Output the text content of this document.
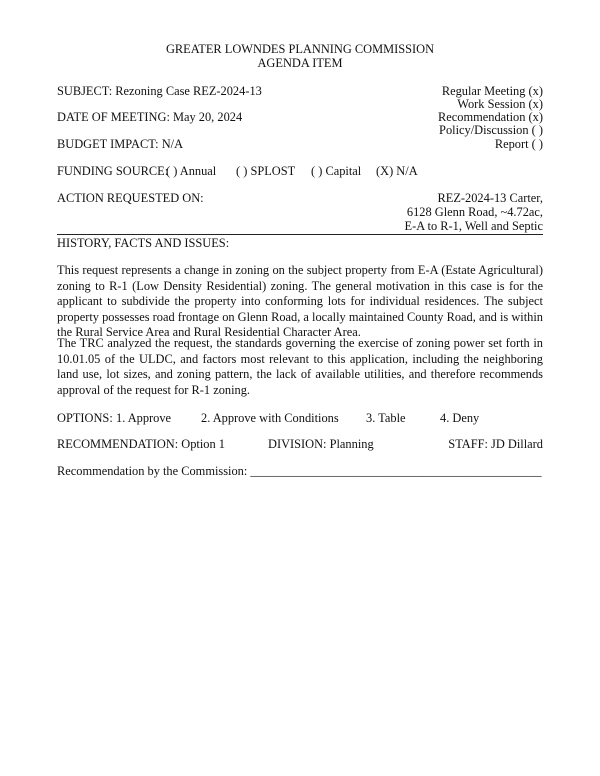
GREATER LOWNDES PLANNING COMMISSION
AGENDA ITEM
SUBJECT: Rezoning Case REZ-2024-13
DATE OF MEETING: May 20, 2024
BUDGET IMPACT: N/A
Regular Meeting (x)
Work Session (x)
Recommendation (x)
Policy/Discussion ( )
Report ( )
FUNDING SOURCE:
( ) Annual ( ) SPLOST ( ) Capital (X) N/A
ACTION REQUESTED ON:	REZ-2024-13 Carter,
6128 Glenn Road, ~4.72ac,
E-A to R-1, Well and Septic
HISTORY, FACTS AND ISSUES:
This request represents a change in zoning on the subject property from E-A (Estate Agricultural) zoning to R-1 (Low Density Residential) zoning. The general motivation in this case is for the applicant to subdivide the property into conforming lots for individual residences. The subject property possesses road frontage on Glenn Road, a locally maintained County Road, and is within the Rural Service Area and Rural Residential Character Area.
The TRC analyzed the request, the standards governing the exercise of zoning power set forth in 10.01.05 of the ULDC, and factors most relevant to this application, including the neighboring land use, lot sizes, and zoning pattern, the lack of available utilities, and therefore recommends approval of the request for R-1 zoning.
OPTIONS: 1. Approve 2. Approve with Conditions 3. Table	4. Deny
RECOMMENDATION: Option 1	DIVISION: Planning	STAFF: JD Dillard
Recommendation by the Commission: _______________________________________________
